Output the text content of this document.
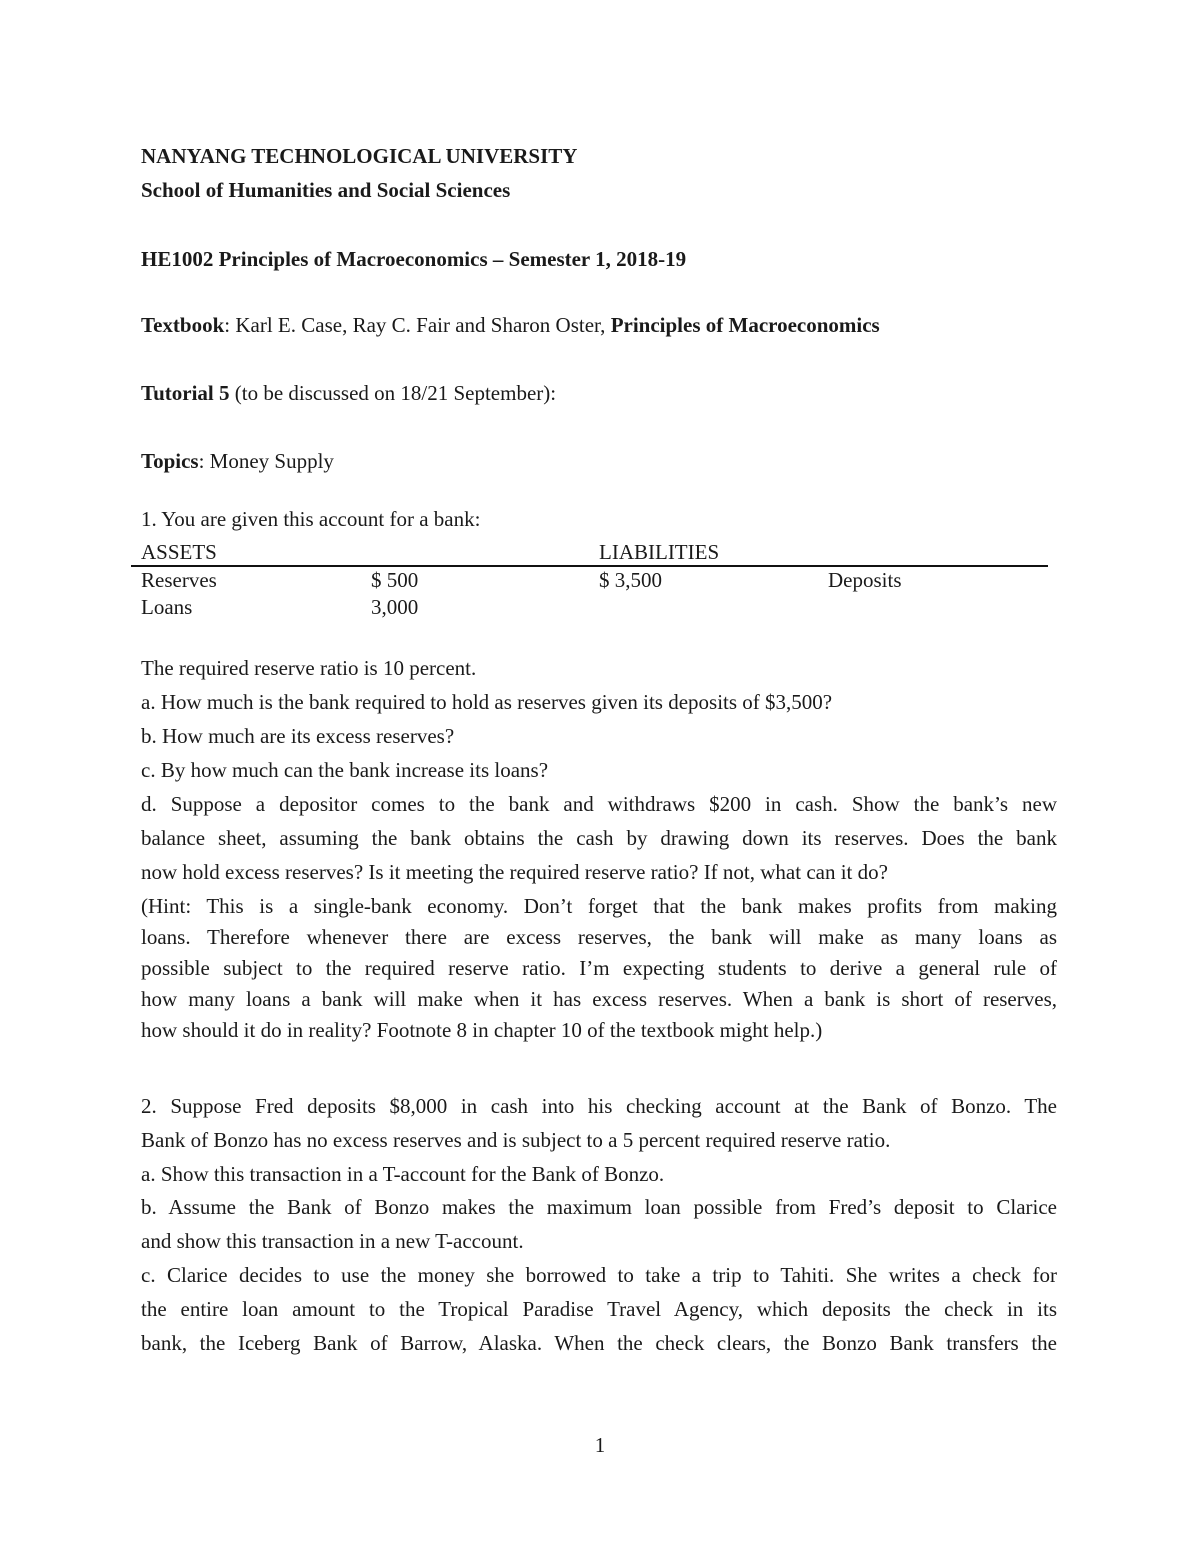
NANYANG TECHNOLOGICAL UNIVERSITY
School of Humanities and Social Sciences
HE1002 Principles of Macroeconomics – Semester 1, 2018-19
Textbook: Karl E. Case, Ray C. Fair and Sharon Oster, Principles of Macroeconomics
Tutorial 5 (to be discussed on 18/21 September):
Topics: Money Supply
1. You are given this account for a bank:
ASSETS	LIABILITIES
Reserves	$ 500	$ 3,500	Deposits
Loans	3,000
The required reserve ratio is 10 percent.
a. How much is the bank required to hold as reserves given its deposits of $3,500?
b. How much are its excess reserves?
c. By how much can the bank increase its loans?
d. Suppose a depositor comes to the bank and withdraws $200 in cash. Show the bank’s new
balance sheet, assuming the bank obtains the cash by drawing down its reserves. Does the bank
now hold excess reserves? Is it meeting the required reserve ratio? If not, what can it do?
(Hint: This is a single-bank economy. Don’t forget that the bank makes profits from making
loans. Therefore whenever there are excess reserves, the bank will make as many loans as
possible subject to the required reserve ratio. I’m expecting students to derive a general rule of
how many loans a bank will make when it has excess reserves. When a bank is short of reserves,
how should it do in reality? Footnote 8 in chapter 10 of the textbook might help.)
2. Suppose Fred deposits $8,000 in cash into his checking account at the Bank of Bonzo. The
Bank of Bonzo has no excess reserves and is subject to a 5 percent required reserve ratio.
a. Show this transaction in a T-account for the Bank of Bonzo.
b. Assume the Bank of Bonzo makes the maximum loan possible from Fred’s deposit to Clarice
and show this transaction in a new T-account.
c. Clarice decides to use the money she borrowed to take a trip to Tahiti. She writes a check for
the entire loan amount to the Tropical Paradise Travel Agency, which deposits the check in its
bank, the Iceberg Bank of Barrow, Alaska. When the check clears, the Bonzo Bank transfers the
1
